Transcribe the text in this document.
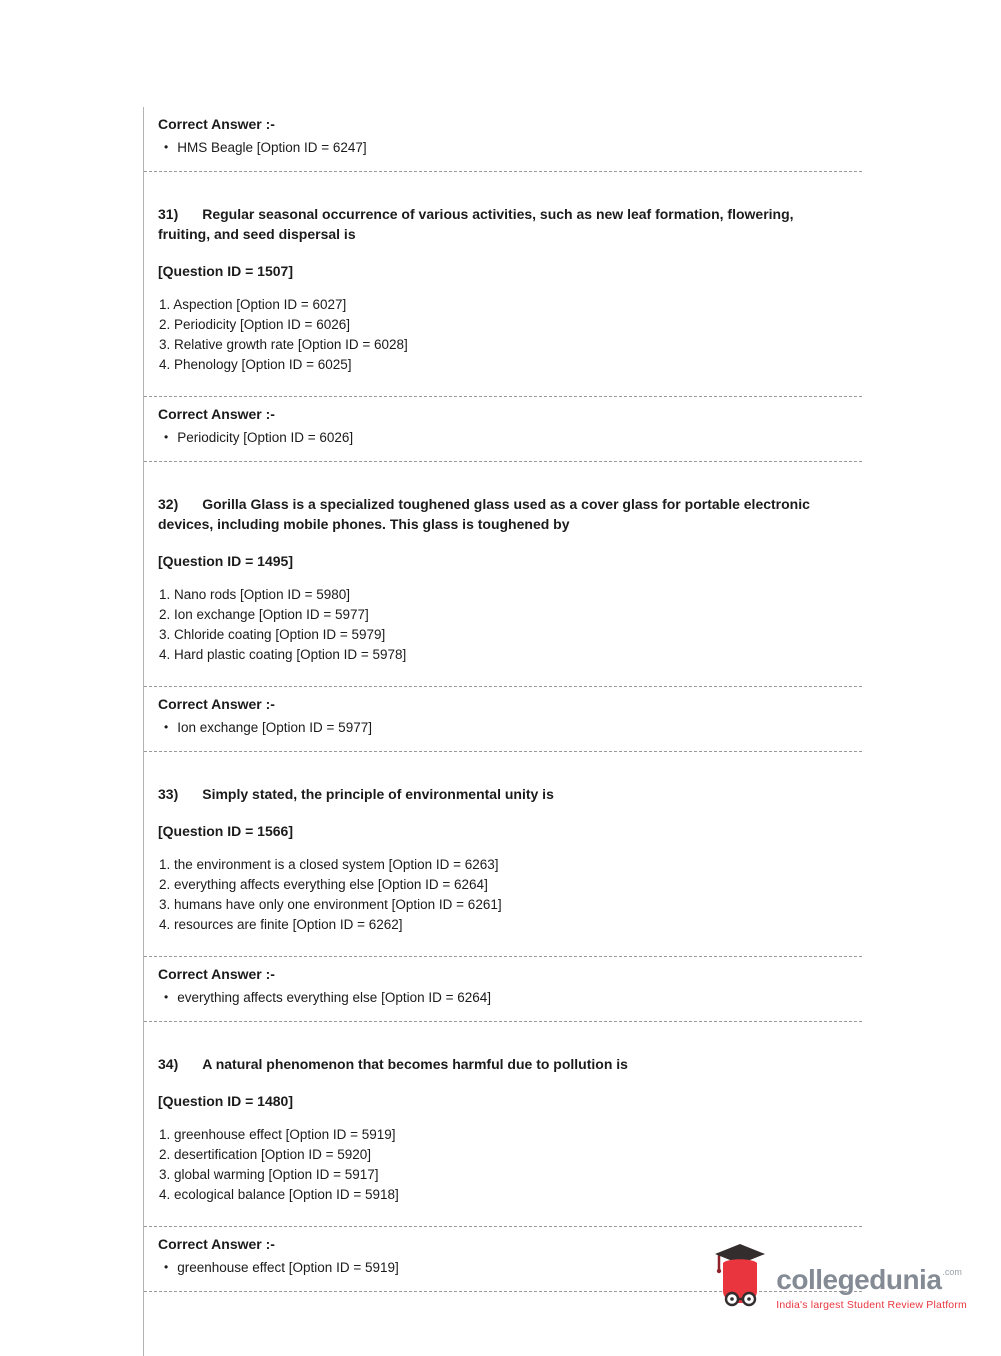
Correct Answer :-

• HMS Beagle [Option ID = 6247]

31) Regular seasonal occurrence of various activities, such as new leaf formation, flowering, fruiting, and seed dispersal is

[Question ID = 1507]

1. Aspection [Option ID = 6027]
2. Periodicity [Option ID = 6026]
3. Relative growth rate [Option ID = 6028]
4. Phenology [Option ID = 6025]

Correct Answer :-

• Periodicity [Option ID = 6026]

32) Gorilla Glass is a specialized toughened glass used as a cover glass for portable electronic devices, including mobile phones. This glass is toughened by

[Question ID = 1495]

1. Nano rods [Option ID = 5980]
2. Ion exchange [Option ID = 5977]
3. Chloride coating [Option ID = 5979]
4. Hard plastic coating [Option ID = 5978]

Correct Answer :-

• Ion exchange [Option ID = 5977]

33) Simply stated, the principle of environmental unity is

[Question ID = 1566]

1. the environment is a closed system [Option ID = 6263]
2. everything affects everything else [Option ID = 6264]
3. humans have only one environment [Option ID = 6261]
4. resources are finite [Option ID = 6262]

Correct Answer :-

• everything affects everything else [Option ID = 6264]

34) A natural phenomenon that becomes harmful due to pollution is

[Question ID = 1480]

1. greenhouse effect [Option ID = 5919]
2. desertification [Option ID = 5920]
3. global warming [Option ID = 5917]
4. ecological balance [Option ID = 5918]

Correct Answer :-

• greenhouse effect [Option ID = 5919]	collegedunia$^{.com}$
India's largest Student Review Platform
